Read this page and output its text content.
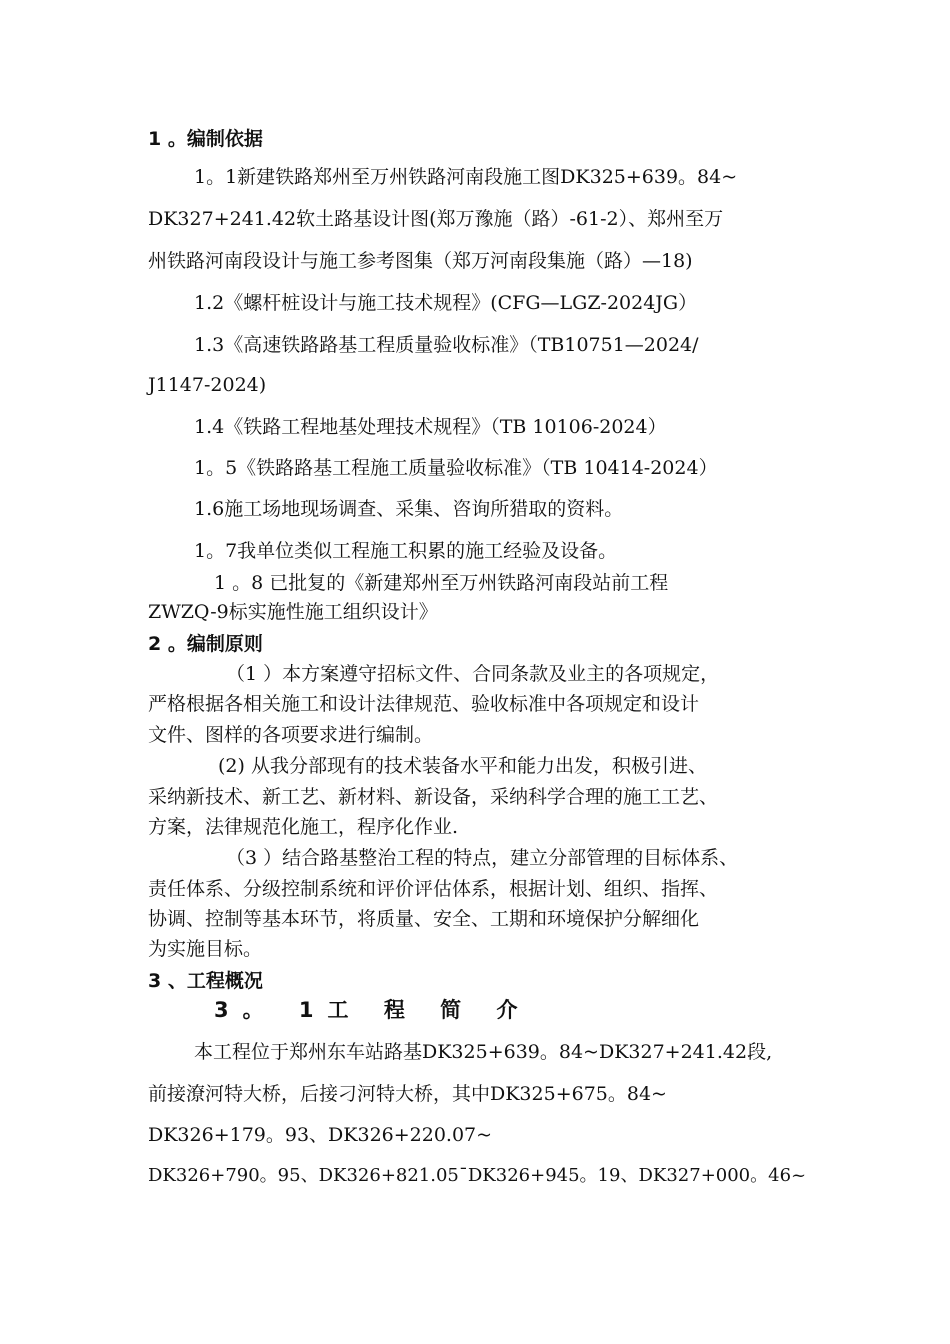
1 。编制依据
1。1新建铁路郑州至万州铁路河南段施工图DK325+639。84~
DK327+241.42软土路基设计图(郑万豫施（路）-61-2）、郑州至万
州铁路河南段设计与施工参考图集（郑万河南段集施（路）—18)
1.2《螺杆桩设计与施工技术规程》(CFG—LGZ-2024JG）
1.3《高速铁路路基工程质量验收标准》（TB10751—2024/
J1147-2024)
1.4《铁路工程地基处理技术规程》（TB 10106-2024）
1。5《铁路路基工程施工质量验收标准》（TB 10414-2024）
1.6施工场地现场调查、采集、咨询所猎取的资料。
1。7我单位类似工程施工积累的施工经验及设备。
1 。8 已批复的《新建郑州至万州铁路河南段站前工程
ZWZQ-9标实施性施工组织设计》
2 。编制原则
（1 ）本方案遵守招标文件、合同条款及业主的各项规定，
严格根据各相关施工和设计法律规范、验收标准中各项规定和设计
文件、图样的各项要求进行编制。
(2) 从我分部现有的技术装备水平和能力出发，积极引进、
采纳新技术、新工艺、新材料、新设备，采纳科学合理的施工工艺、
方案，法律规范化施工，程序化作业.
（3 ）结合路基整治工程的特点，建立分部管理的目标体系、
责任体系、分级控制系统和评价评估体系，根据计划、组织、指挥、
协调、控制等基本环节，将质量、安全、工期和环境保护分解细化
为实施目标。
3 、工程概况
3。 1工 程 简 介
本工程位于郑州东车站路基DK325+639。84~DK327+241.42段,
前接潦河特大桥，后接刁河特大桥，其中DK325+675。84~
DK326+179。93、DK326+220.07~
DK326+790。95、DK326+821.05¯DK326+945。19、DK327+000。46~
